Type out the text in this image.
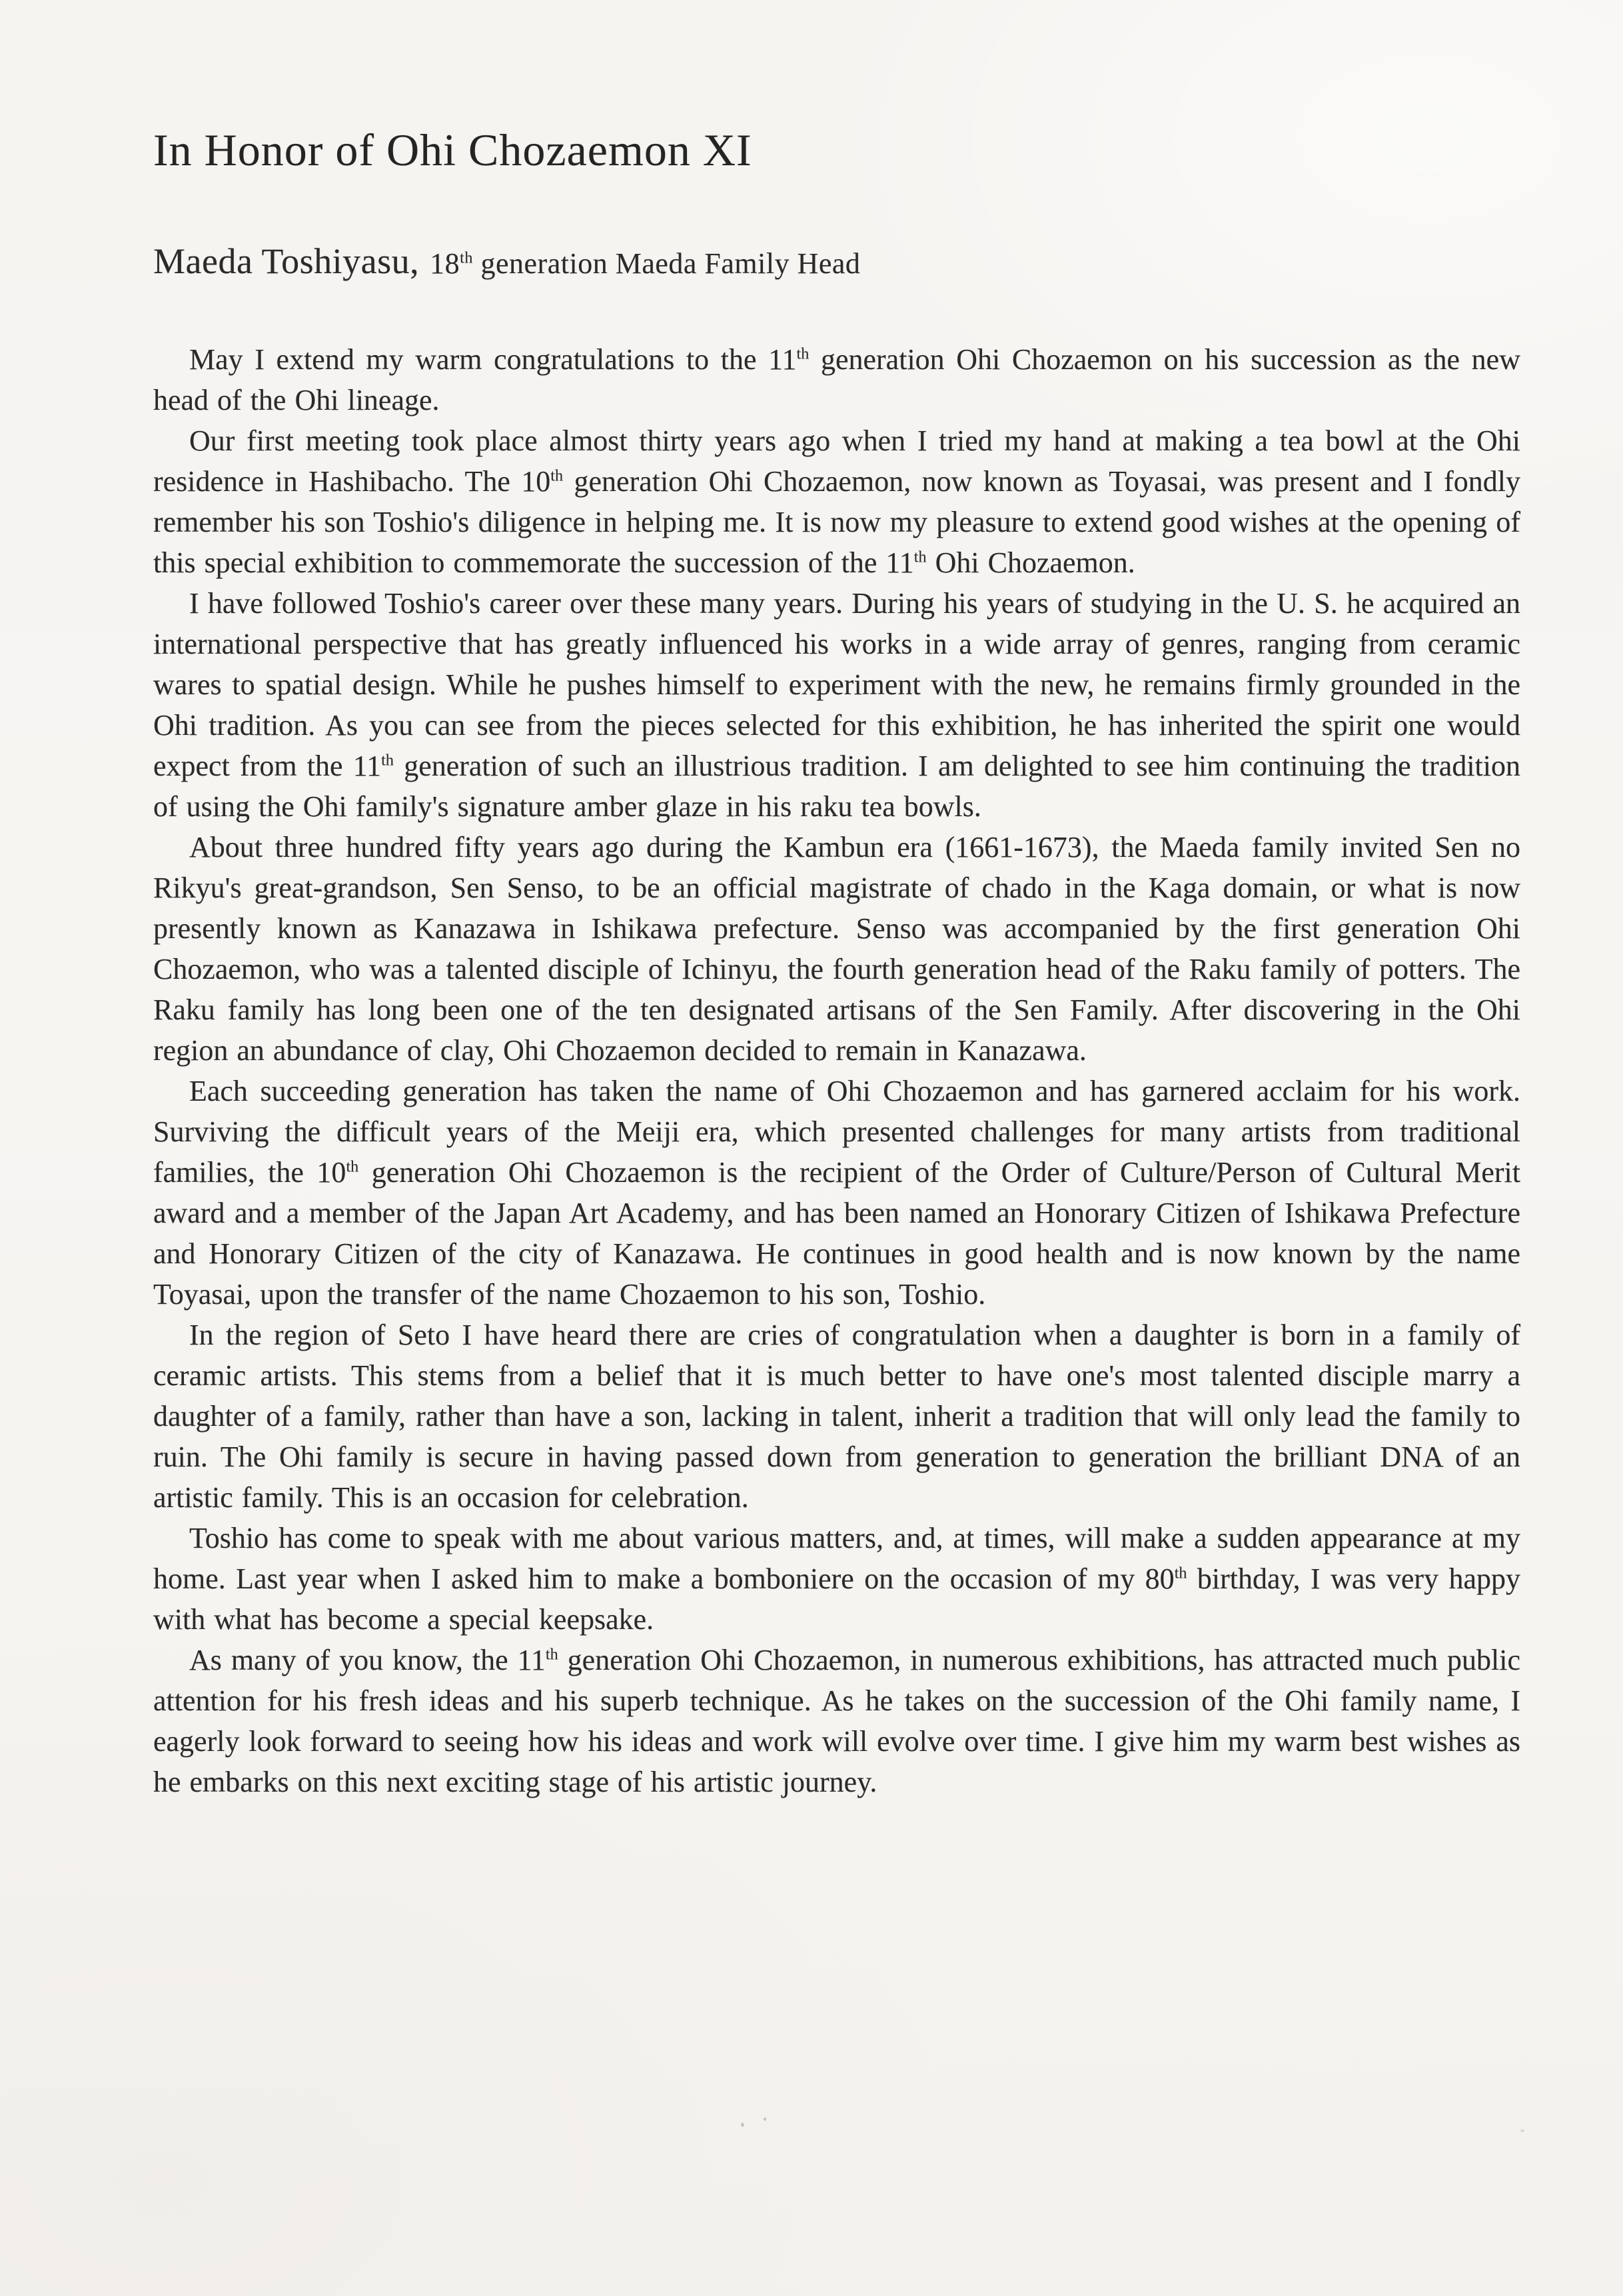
In Honor of Ohi Chozaemon XI
Maeda Toshiyasu, 18th generation Maeda Family Head

May I extend my warm congratulations to the 11th generation Ohi Chozaemon on his succession as the new head of the Ohi lineage.

Our first meeting took place almost thirty years ago when I tried my hand at making a tea bowl at the Ohi residence in Hashibacho. The 10th generation Ohi Chozaemon, now known as Toyasai, was present and I fondly remember his son Toshio's diligence in helping me. It is now my pleasure to extend good wishes at the opening of this special exhibition to commemorate the succession of the 11th Ohi Chozaemon.

I have followed Toshio's career over these many years. During his years of studying in the U. S. he acquired an international perspective that has greatly influenced his works in a wide array of genres, ranging from ceramic wares to spatial design. While he pushes himself to experiment with the new, he remains firmly grounded in the Ohi tradition. As you can see from the pieces selected for this exhibition, he has inherited the spirit one would expect from the 11th generation of such an illustrious tradition. I am delighted to see him continuing the tradition of using the Ohi family's signature amber glaze in his raku tea bowls.

About three hundred fifty years ago during the Kambun era (1661-1673), the Maeda family invited Sen no Rikyu's great-grandson, Sen Senso, to be an official magistrate of chado in the Kaga domain, or what is now presently known as Kanazawa in Ishikawa prefecture. Senso was accompanied by the first generation Ohi Chozaemon, who was a talented disciple of Ichinyu, the fourth generation head of the Raku family of potters. The Raku family has long been one of the ten designated artisans of the Sen Family. After discovering in the Ohi region an abundance of clay, Ohi Chozaemon decided to remain in Kanazawa.

Each succeeding generation has taken the name of Ohi Chozaemon and has garnered acclaim for his work. Surviving the difficult years of the Meiji era, which presented challenges for many artists from traditional families, the 10th generation Ohi Chozaemon is the recipient of the Order of Culture/Person of Cultural Merit award and a member of the Japan Art Academy, and has been named an Honorary Citizen of Ishikawa Prefecture and Honorary Citizen of the city of Kanazawa. He continues in good health and is now known by the name Toyasai, upon the transfer of the name Chozaemon to his son, Toshio.

In the region of Seto I have heard there are cries of congratulation when a daughter is born in a family of ceramic artists. This stems from a belief that it is much better to have one's most talented disciple marry a daughter of a family, rather than have a son, lacking in talent, inherit a tradition that will only lead the family to ruin. The Ohi family is secure in having passed down from generation to generation the brilliant DNA of an artistic family. This is an occasion for celebration.

Toshio has come to speak with me about various matters, and, at times, will make a sudden appearance at my home. Last year when I asked him to make a bomboniere on the occasion of my 80th birthday, I was very happy with what has become a special keepsake.

As many of you know, the 11th generation Ohi Chozaemon, in numerous exhibitions, has attracted much public attention for his fresh ideas and his superb technique. As he takes on the succession of the Ohi family name, I eagerly look forward to seeing how his ideas and work will evolve over time. I give him my warm best wishes as he embarks on this next exciting stage of his artistic journey.
